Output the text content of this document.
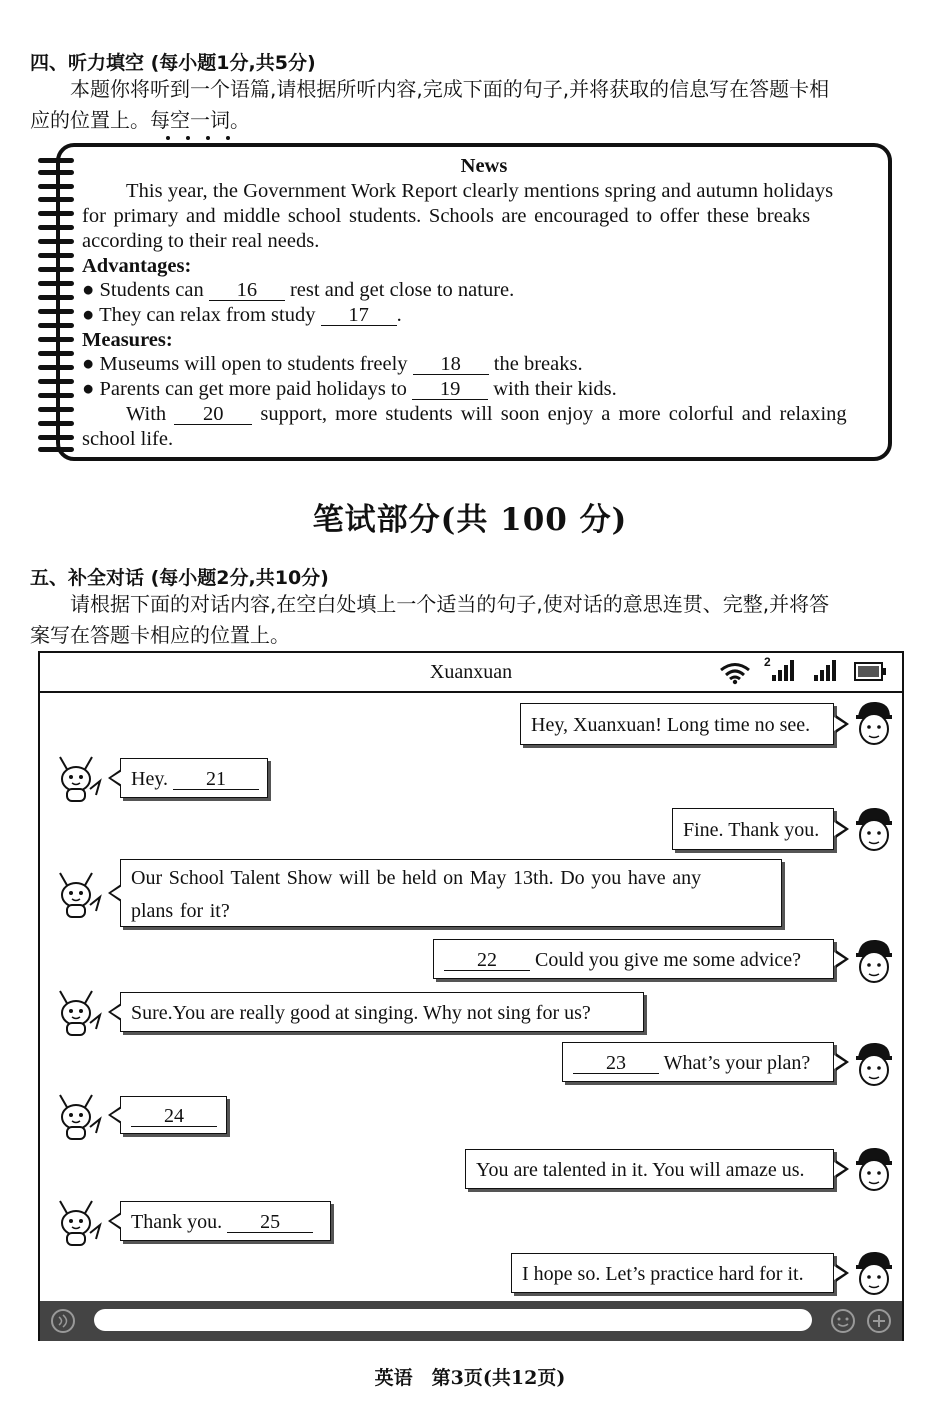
四、听力填空 (每小题1分,共5分)
本题你将听到一个语篇,请根据所听内容,完成下面的句子,并将获取的信息写在答题卡相
应的位置上。每空一词。
News
This year, the Government Work Report clearly mentions spring and autumn holidays
for primary and middle school students. Schools are encouraged to offer these breaks
according to their real needs.
Advantages:
● Students can 16 rest and get close to nature.
● They can relax from study 17 .
Measures:
● Museums will open to students freely 18 the breaks.
● Parents can get more paid holidays to 19 with their kids.
With 20 support, more students will soon enjoy a more colorful and relaxing
school life.
笔试部分(共 100 分)
五、补全对话 (每小题2分,共10分)
请根据下面的对话内容,在空白处填上一个适当的句子,使对话的意思连贯、完整,并将答
案写在答题卡相应的位置上。
Xuanxuan	2
Hey, Xuanxuan! Long time no see.
Hey. 21
Fine. Thank you.
Our School Talent Show will be held on May 13th. Do you have any
plans for it?
22 Could you give me some advice?
Sure.You are really good at singing. Why not sing for us?
23 What’s your plan?
24
You are talented in it. You will amaze us.
Thank you. 25
I hope so. Let’s practice hard for it.
英语　第3页(共12页)
